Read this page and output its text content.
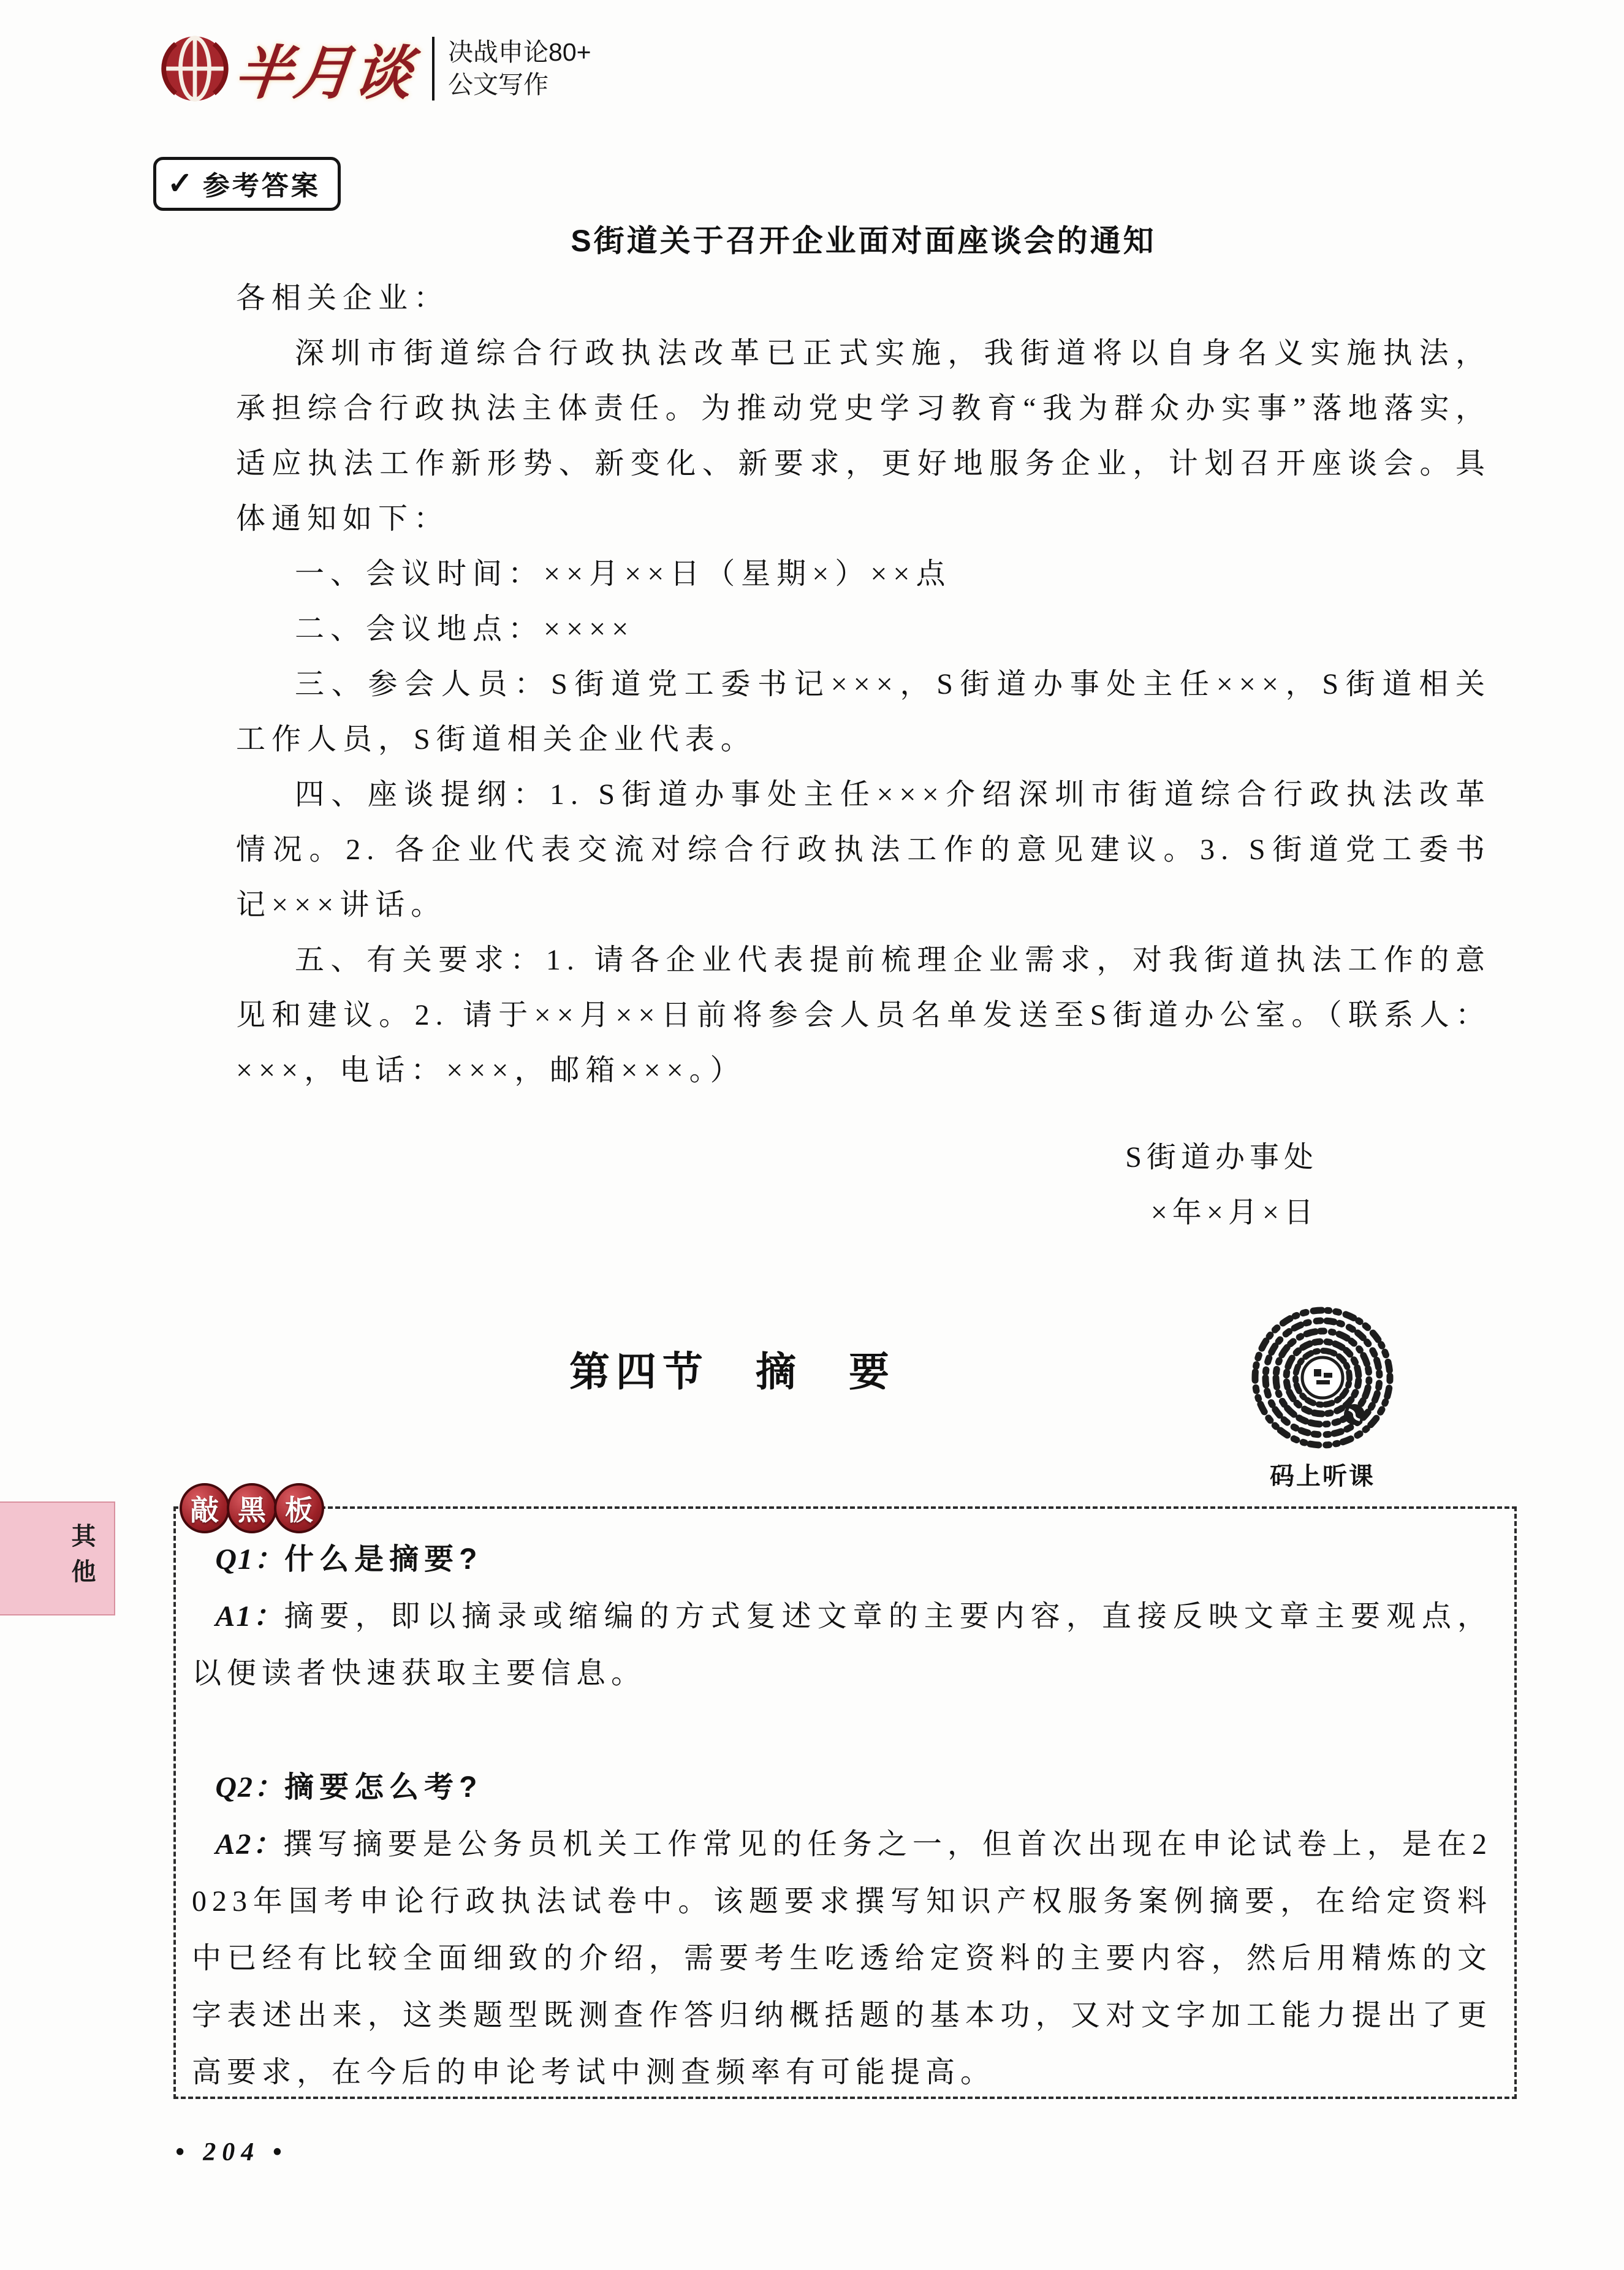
半月谈 决战申论80+
公文写作
✓ 参考答案
S街道关于召开企业面对面座谈会的通知

各相关企业：

深圳市街道综合行政执法改革已正式实施，我街道将以自身名义实施执法，承担综合行政执法主体责任。为推动党史学习教育“我为群众办实事”落地落实，适应执法工作新形势、新变化、新要求，更好地服务企业，计划召开座谈会。具体通知如下：

一、会议时间：××月××日（星期×）××点

二、会议地点：××××

三、参会人员：S街道党工委书记×××，S街道办事处主任×××，S街道相关工作人员，S街道相关企业代表。

四、座谈提纲：1. S街道办事处主任×××介绍深圳市街道综合行政执法改革情况。2. 各企业代表交流对综合行政执法工作的意见建议。3. S街道党工委书记×××讲话。

五、有关要求：1. 请各企业代表提前梳理企业需求，对我街道执法工作的意见和建议。2. 请于××月××日前将参会人员名单发送至S街道办公室。（联系人：×××，电话：×××，邮箱×××。）

S街道办事处
×年×月×日
第四节　摘　要
码上听课
敲 黑 板

Q1：什么是摘要?

A1：摘要，即以摘录或缩编的方式复述文章的主要内容，直接反映文章主要观点，以便读者快速获取主要信息。

Q2：摘要怎么考?

A2：撰写摘要是公务员机关工作常见的任务之一，但首次出现在申论试卷上，是在2023年国考申论行政执法试卷中。该题要求撰写知识产权服务案例摘要，在给定资料中已经有比较全面细致的介绍，需要考生吃透给定资料的主要内容，然后用精炼的文字表述出来，这类题型既测查作答归纳概括题的基本功，又对文字加工能力提出了更高要求，在今后的申论考试中测查频率有可能提高。

其他
• 204 •
